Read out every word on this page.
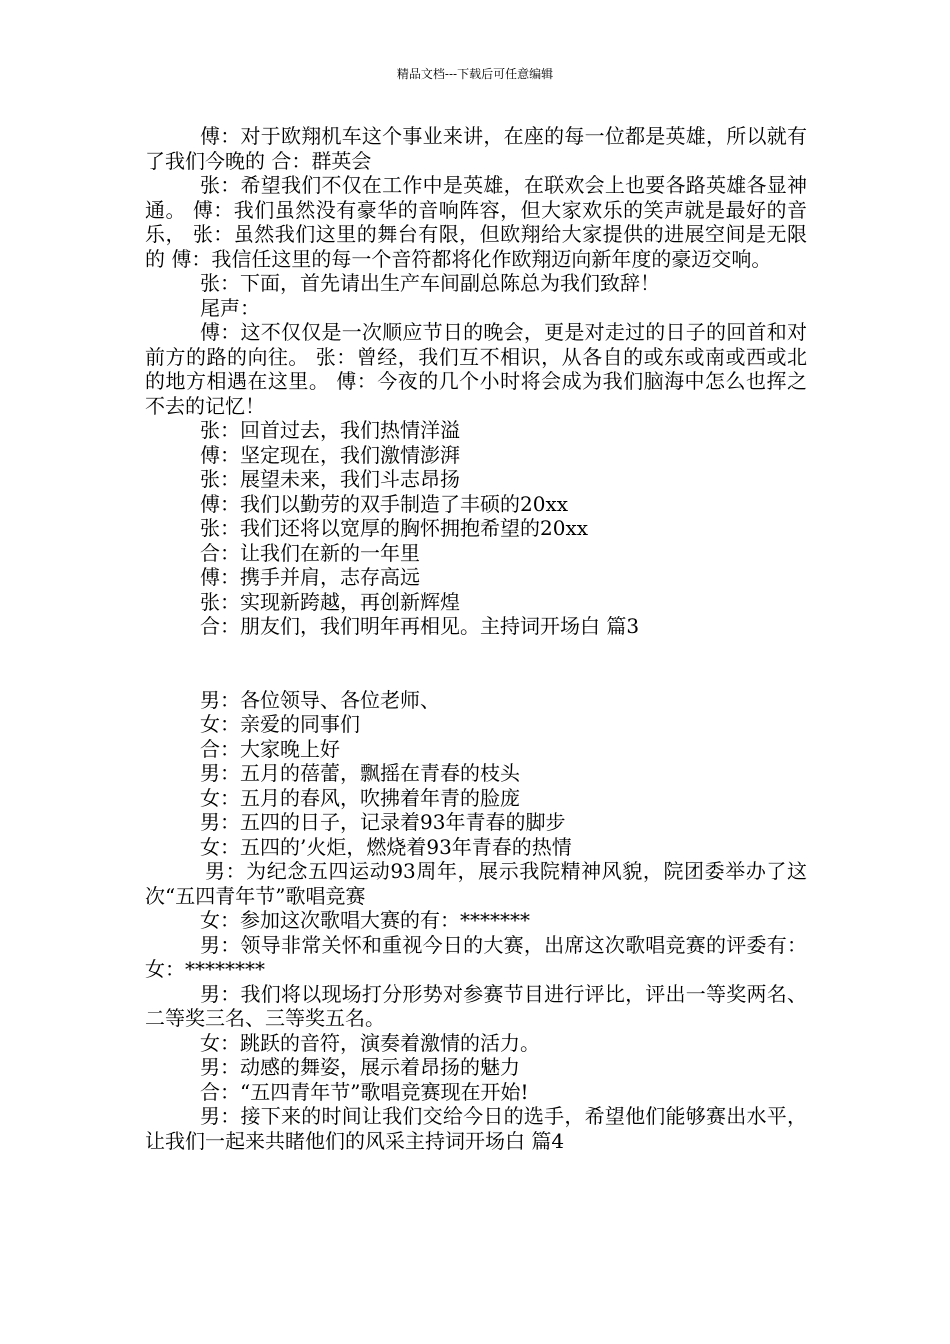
精品文档---下载后可任意编辑

傅：对于欧翔机车这个事业来讲，在座的每一位都是英雄，所以就有了我们今晚的 合：群英会

张：希望我们不仅在工作中是英雄，在联欢会上也要各路英雄各显神通。 傅：我们虽然没有豪华的音响阵容，但大家欢乐的笑声就是最好的音乐， 张：虽然我们这里的舞台有限，但欧翔给大家提供的进展空间是无限的 傅：我信任这里的每一个音符都将化作欧翔迈向新年度的豪迈交响。

张：下面，首先请出生产车间副总陈总为我们致辞！

尾声：

傅：这不仅仅是一次顺应节日的晚会，更是对走过的日子的回首和对前方的路的向往。 张：曾经，我们互不相识，从各自的或东或南或西或北的地方相遇在这里。 傅：今夜的几个小时将会成为我们脑海中怎么也挥之不去的记忆！

张：回首过去，我们热情洋溢

傅：坚定现在，我们激情澎湃

张：展望未来，我们斗志昂扬

傅：我们以勤劳的双手制造了丰硕的20xx

张：我们还将以宽厚的胸怀拥抱希望的20xx

合：让我们在新的一年里

傅：携手并肩，志存高远

张：实现新跨越，再创新辉煌

合：朋友们，我们明年再相见。主持词开场白 篇3

男：各位领导、各位老师、

女：亲爱的同事们

合：大家晚上好

男：五月的蓓蕾，飘摇在青春的枝头

女：五月的春风，吹拂着年青的脸庞

男：五四的日子，记录着93年青春的脚步

女：五四的’火炬，燃烧着93年青春的热情

男：为纪念五四运动93周年，展示我院精神风貌，院团委举办了这次“五四青年节”歌唱竞赛

女：参加这次歌唱大赛的有：*******

男：领导非常关怀和重视今日的大赛，出席这次歌唱竞赛的评委有： 女：********

男：我们将以现场打分形势对参赛节目进行评比，评出一等奖两名、二等奖三名、三等奖五名。

女：跳跃的音符，演奏着激情的活力。

男：动感的舞姿，展示着昂扬的魅力

合：“五四青年节”歌唱竞赛现在开始!

男：接下来的时间让我们交给今日的选手，希望他们能够赛出水平，让我们一起来共睹他们的风采主持词开场白 篇4
